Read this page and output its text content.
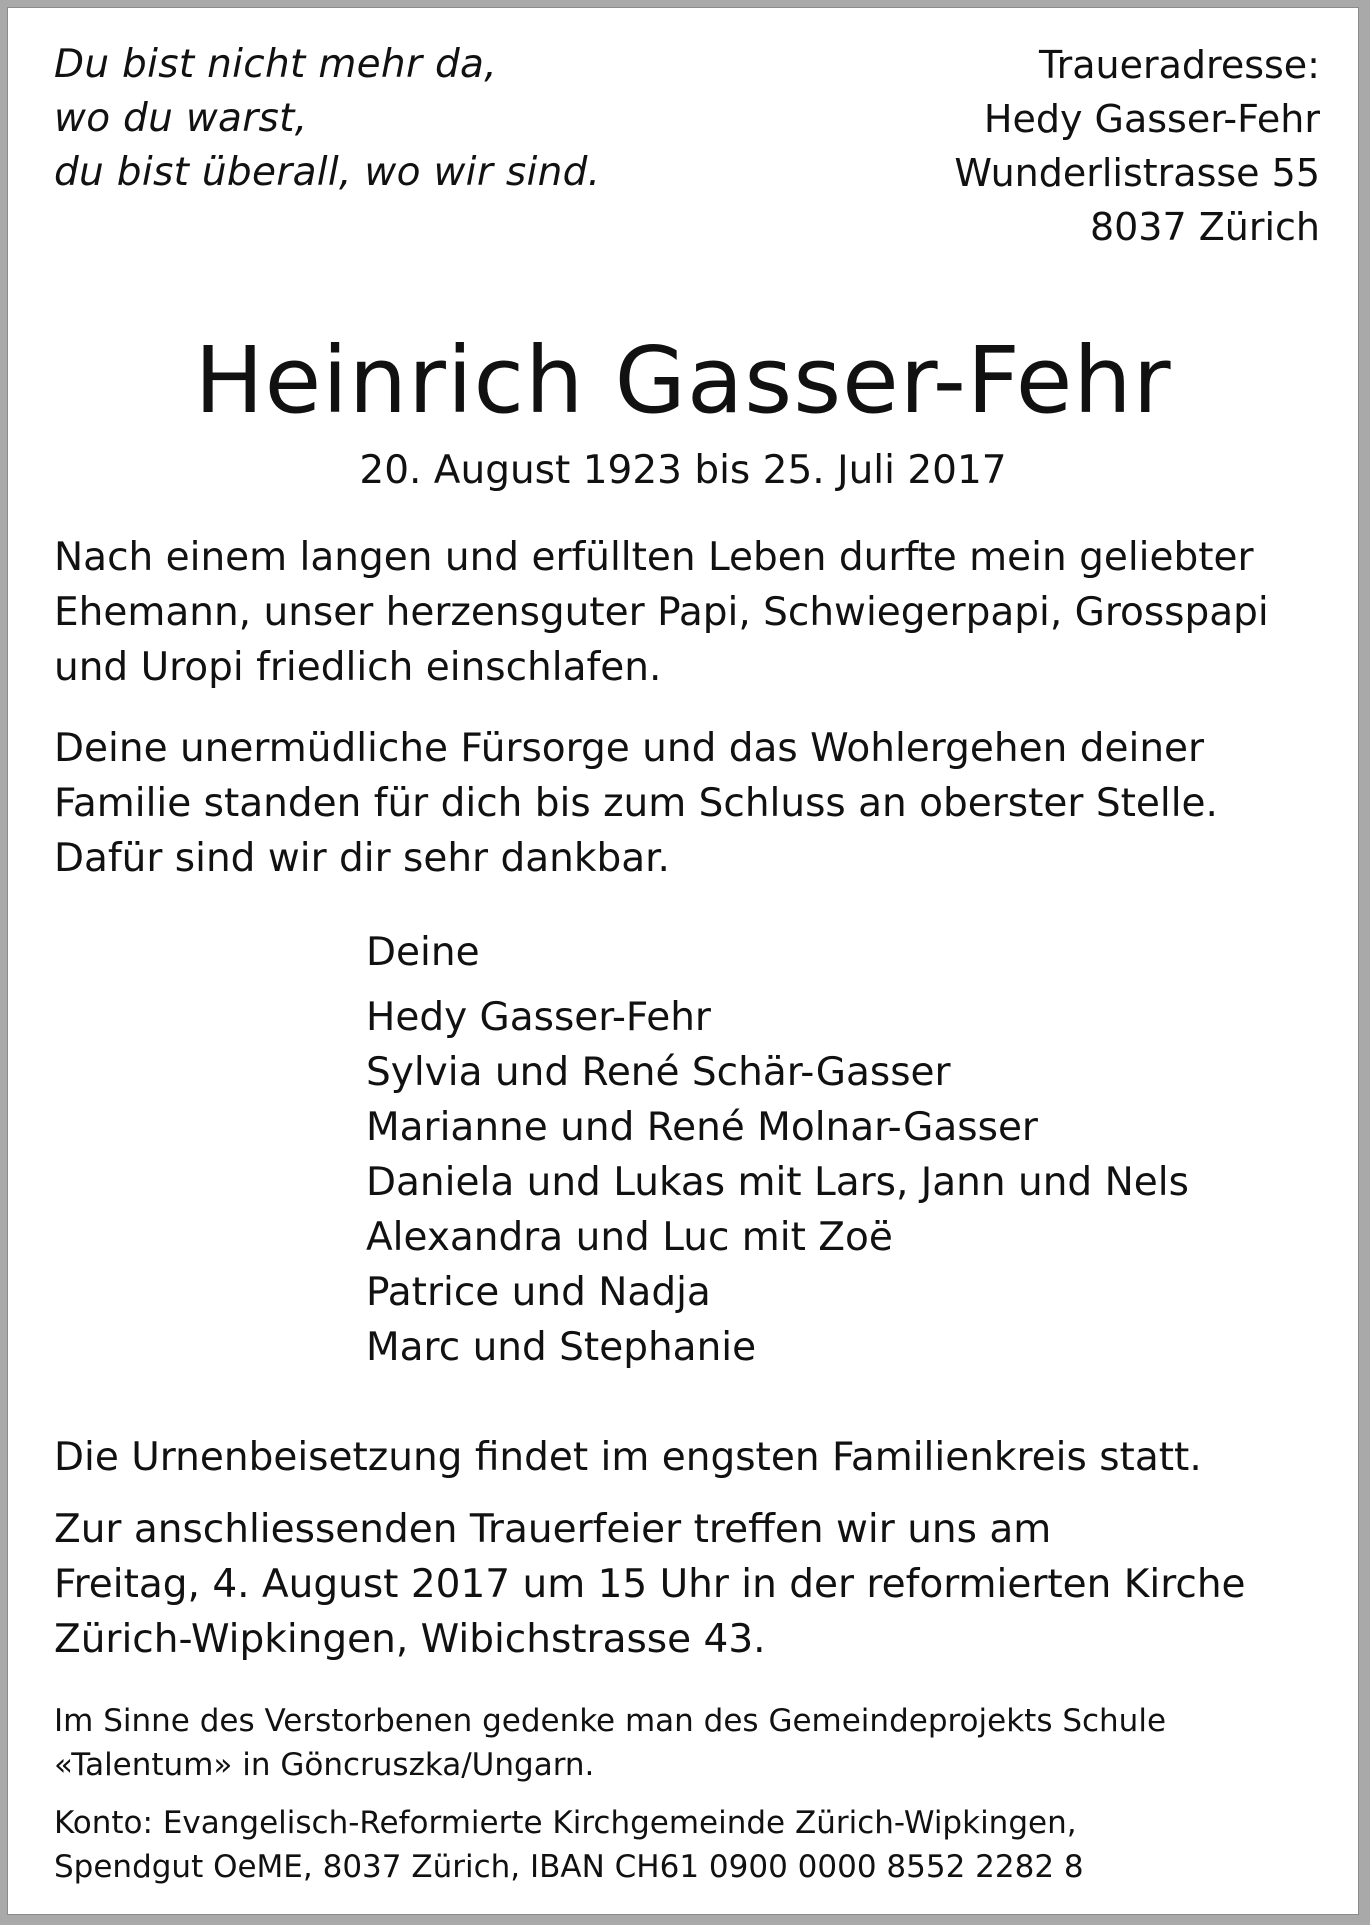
Du bist nicht mehr da,
wo du warst,
du bist überall, wo wir sind.
Traueradresse:
Hedy Gasser-Fehr
Wunderlistrasse 55
8037 Zürich
Heinrich Gasser-Fehr
20. August 1923 bis 25. Juli 2017
Nach einem langen und erfüllten Leben durfte mein geliebter
Ehemann, unser herzensguter Papi, Schwiegerpapi, Grosspapi
und Uropi friedlich einschlafen.
Deine unermüdliche Fürsorge und das Wohlergehen deiner
Familie standen für dich bis zum Schluss an oberster Stelle.
Dafür sind wir dir sehr dankbar.
Deine
Hedy Gasser-Fehr
Sylvia und René Schär-Gasser
Marianne und René Molnar-Gasser
Daniela und Lukas mit Lars, Jann und Nels
Alexandra und Luc mit Zoë
Patrice und Nadja
Marc und Stephanie
Die Urnenbeisetzung findet im engsten Familienkreis statt.
Zur anschliessenden Trauerfeier treffen wir uns am
Freitag, 4. August 2017 um 15 Uhr in der reformierten Kirche
Zürich-Wipkingen, Wibichstrasse 43.
Im Sinne des Verstorbenen gedenke man des Gemeindeprojekts Schule
«Talentum» in Göncruszka/Ungarn.
Konto: Evangelisch-Reformierte Kirchgemeinde Zürich-Wipkingen,
Spendgut OeME, 8037 Zürich, IBAN CH61 0900 0000 8552 2282 8
